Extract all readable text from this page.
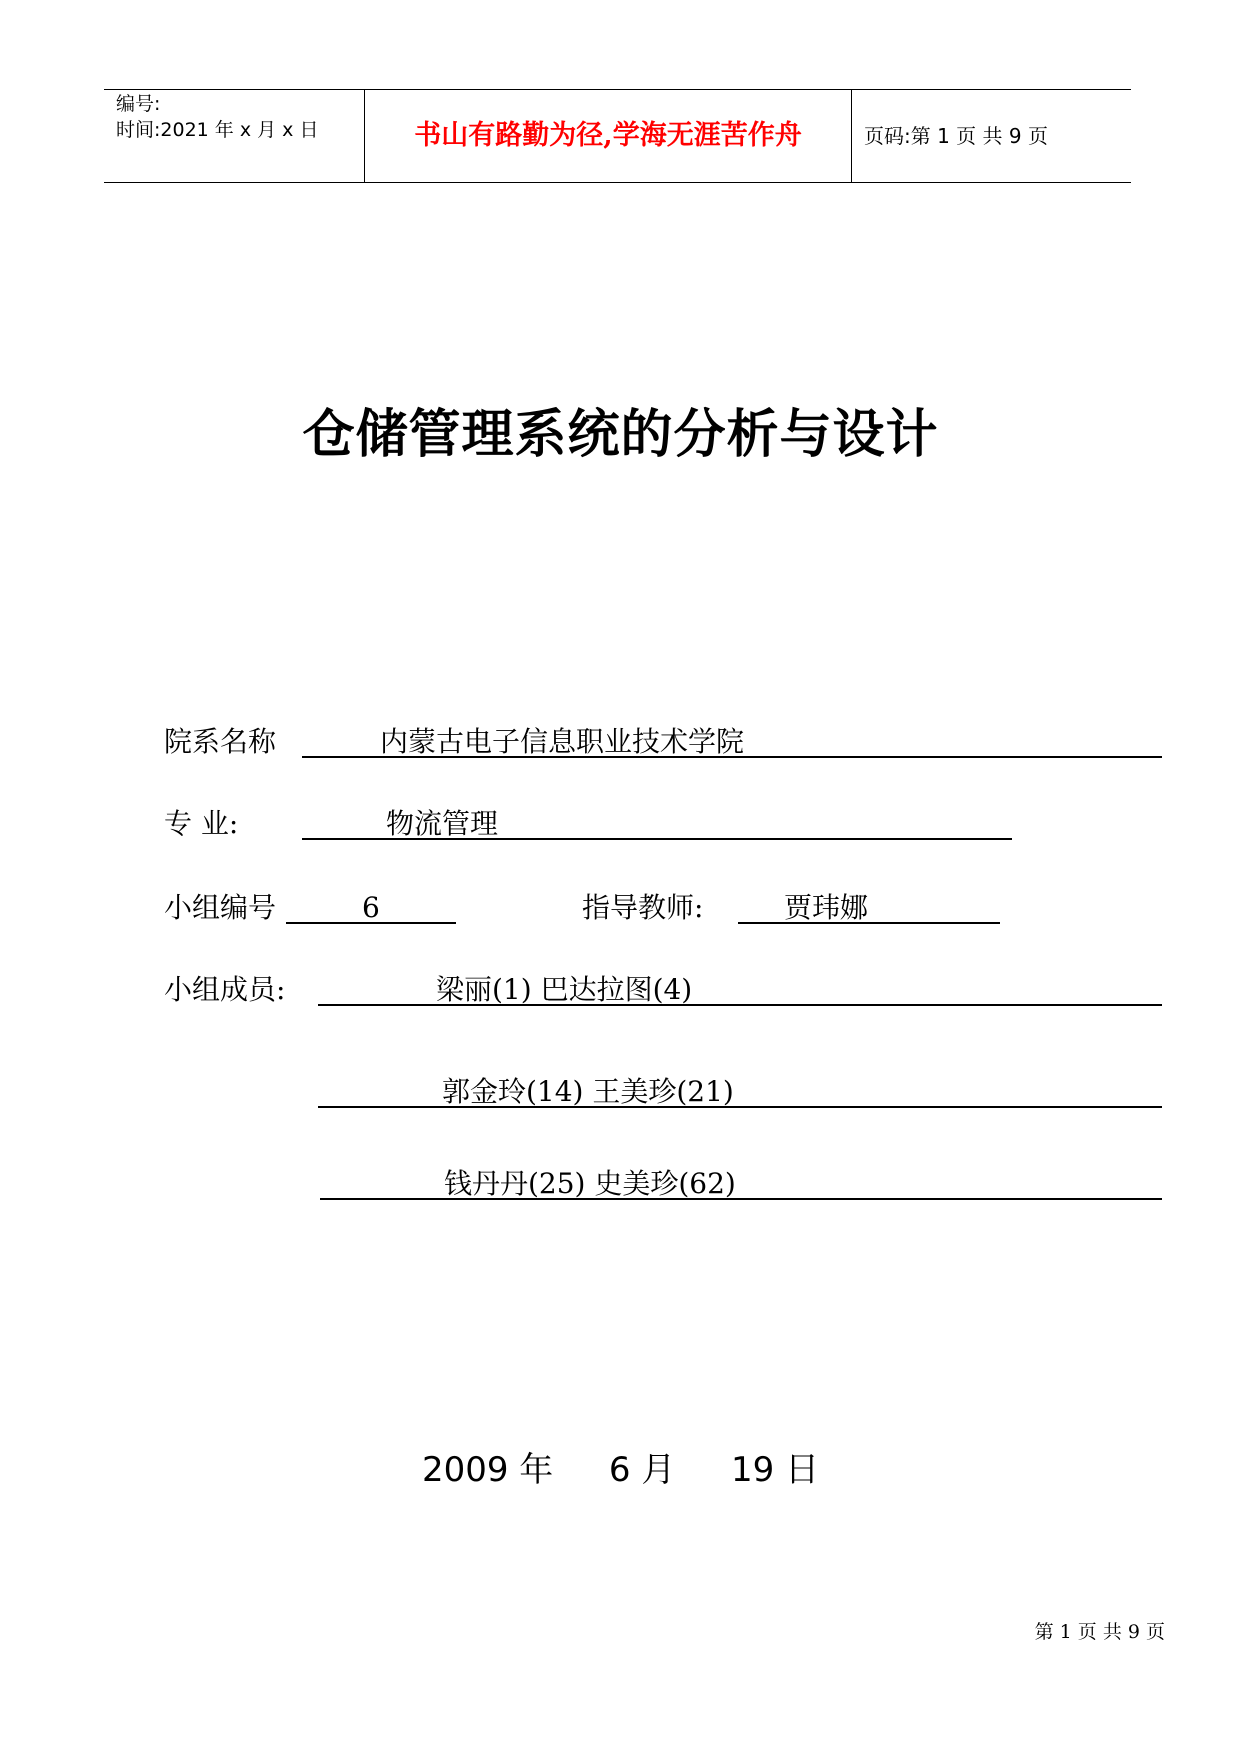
编号:
时间:2021 年 x 月 x 日	书山有路勤为径,学海无涯苦作舟	页码:第 1 页 共 9 页
仓储管理系统的分析与设计
院系名称	内蒙古电子信息职业技术学院
专 业:	物流管理
小组编号	6	指导教师:	贾玮娜
小组成员:	梁丽(1) 巴达拉图(4)
郭金玲(14) 王美珍(21)
钱丹丹(25) 史美珍(62)
2009 年 6 月 19 日
第 1 页 共 9 页
